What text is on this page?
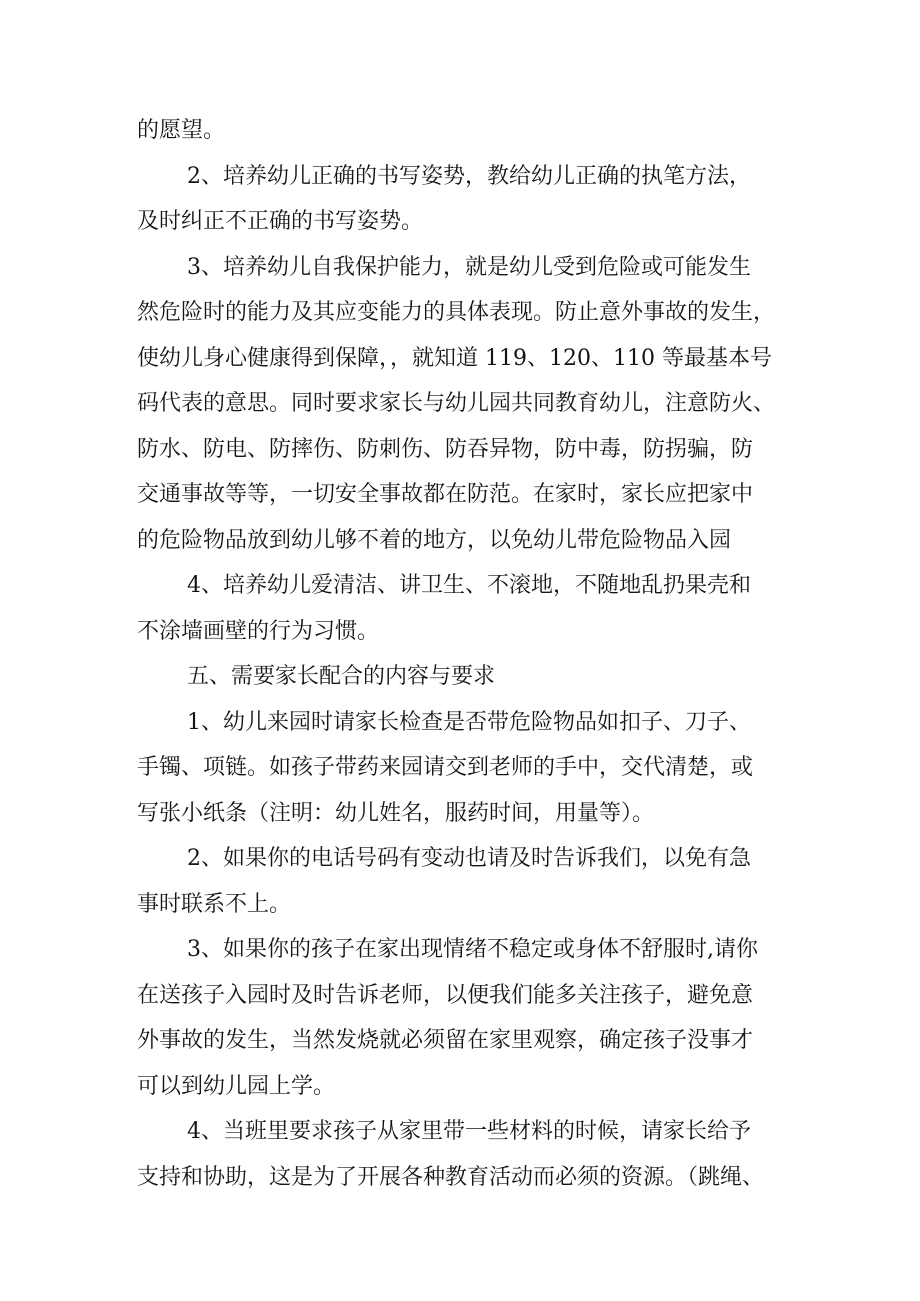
的愿望。
2、培养幼儿正确的书写姿势，教给幼儿正确的执笔方法，
及时纠正不正确的书写姿势。
3、培养幼儿自我保护能力，就是幼儿受到危险或可能发生
然危险时的能力及其应变能力的具体表现。防止意外事故的发生，
使幼儿身心健康得到保障，，就知道 119、120、110 等最基本号
码代表的意思。同时要求家长与幼儿园共同教育幼儿，注意防火、
防水、防电、防摔伤、防刺伤、防吞异物，防中毒，防拐骗，防
交通事故等等，一切安全事故都在防范。在家时，家长应把家中
的危险物品放到幼儿够不着的地方，以免幼儿带危险物品入园
4、培养幼儿爱清洁、讲卫生、不滚地，不随地乱扔果壳和
不涂墙画壁的行为习惯。
五、需要家长配合的内容与要求
1、幼儿来园时请家长检查是否带危险物品如扣子、刀子、
手镯、项链。如孩子带药来园请交到老师的手中，交代清楚，或
写张小纸条（注明：幼儿姓名，服药时间，用量等）。
2、如果你的电话号码有变动也请及时告诉我们，以免有急
事时联系不上。
3、如果你的孩子在家出现情绪不稳定或身体不舒服时,请你
在送孩子入园时及时告诉老师，以便我们能多关注孩子，避免意
外事故的发生，当然发烧就必须留在家里观察，确定孩子没事才
可以到幼儿园上学。
4、当班里要求孩子从家里带一些材料的时候，请家长给予
支持和协助，这是为了开展各种教育活动而必须的资源。（跳绳、
